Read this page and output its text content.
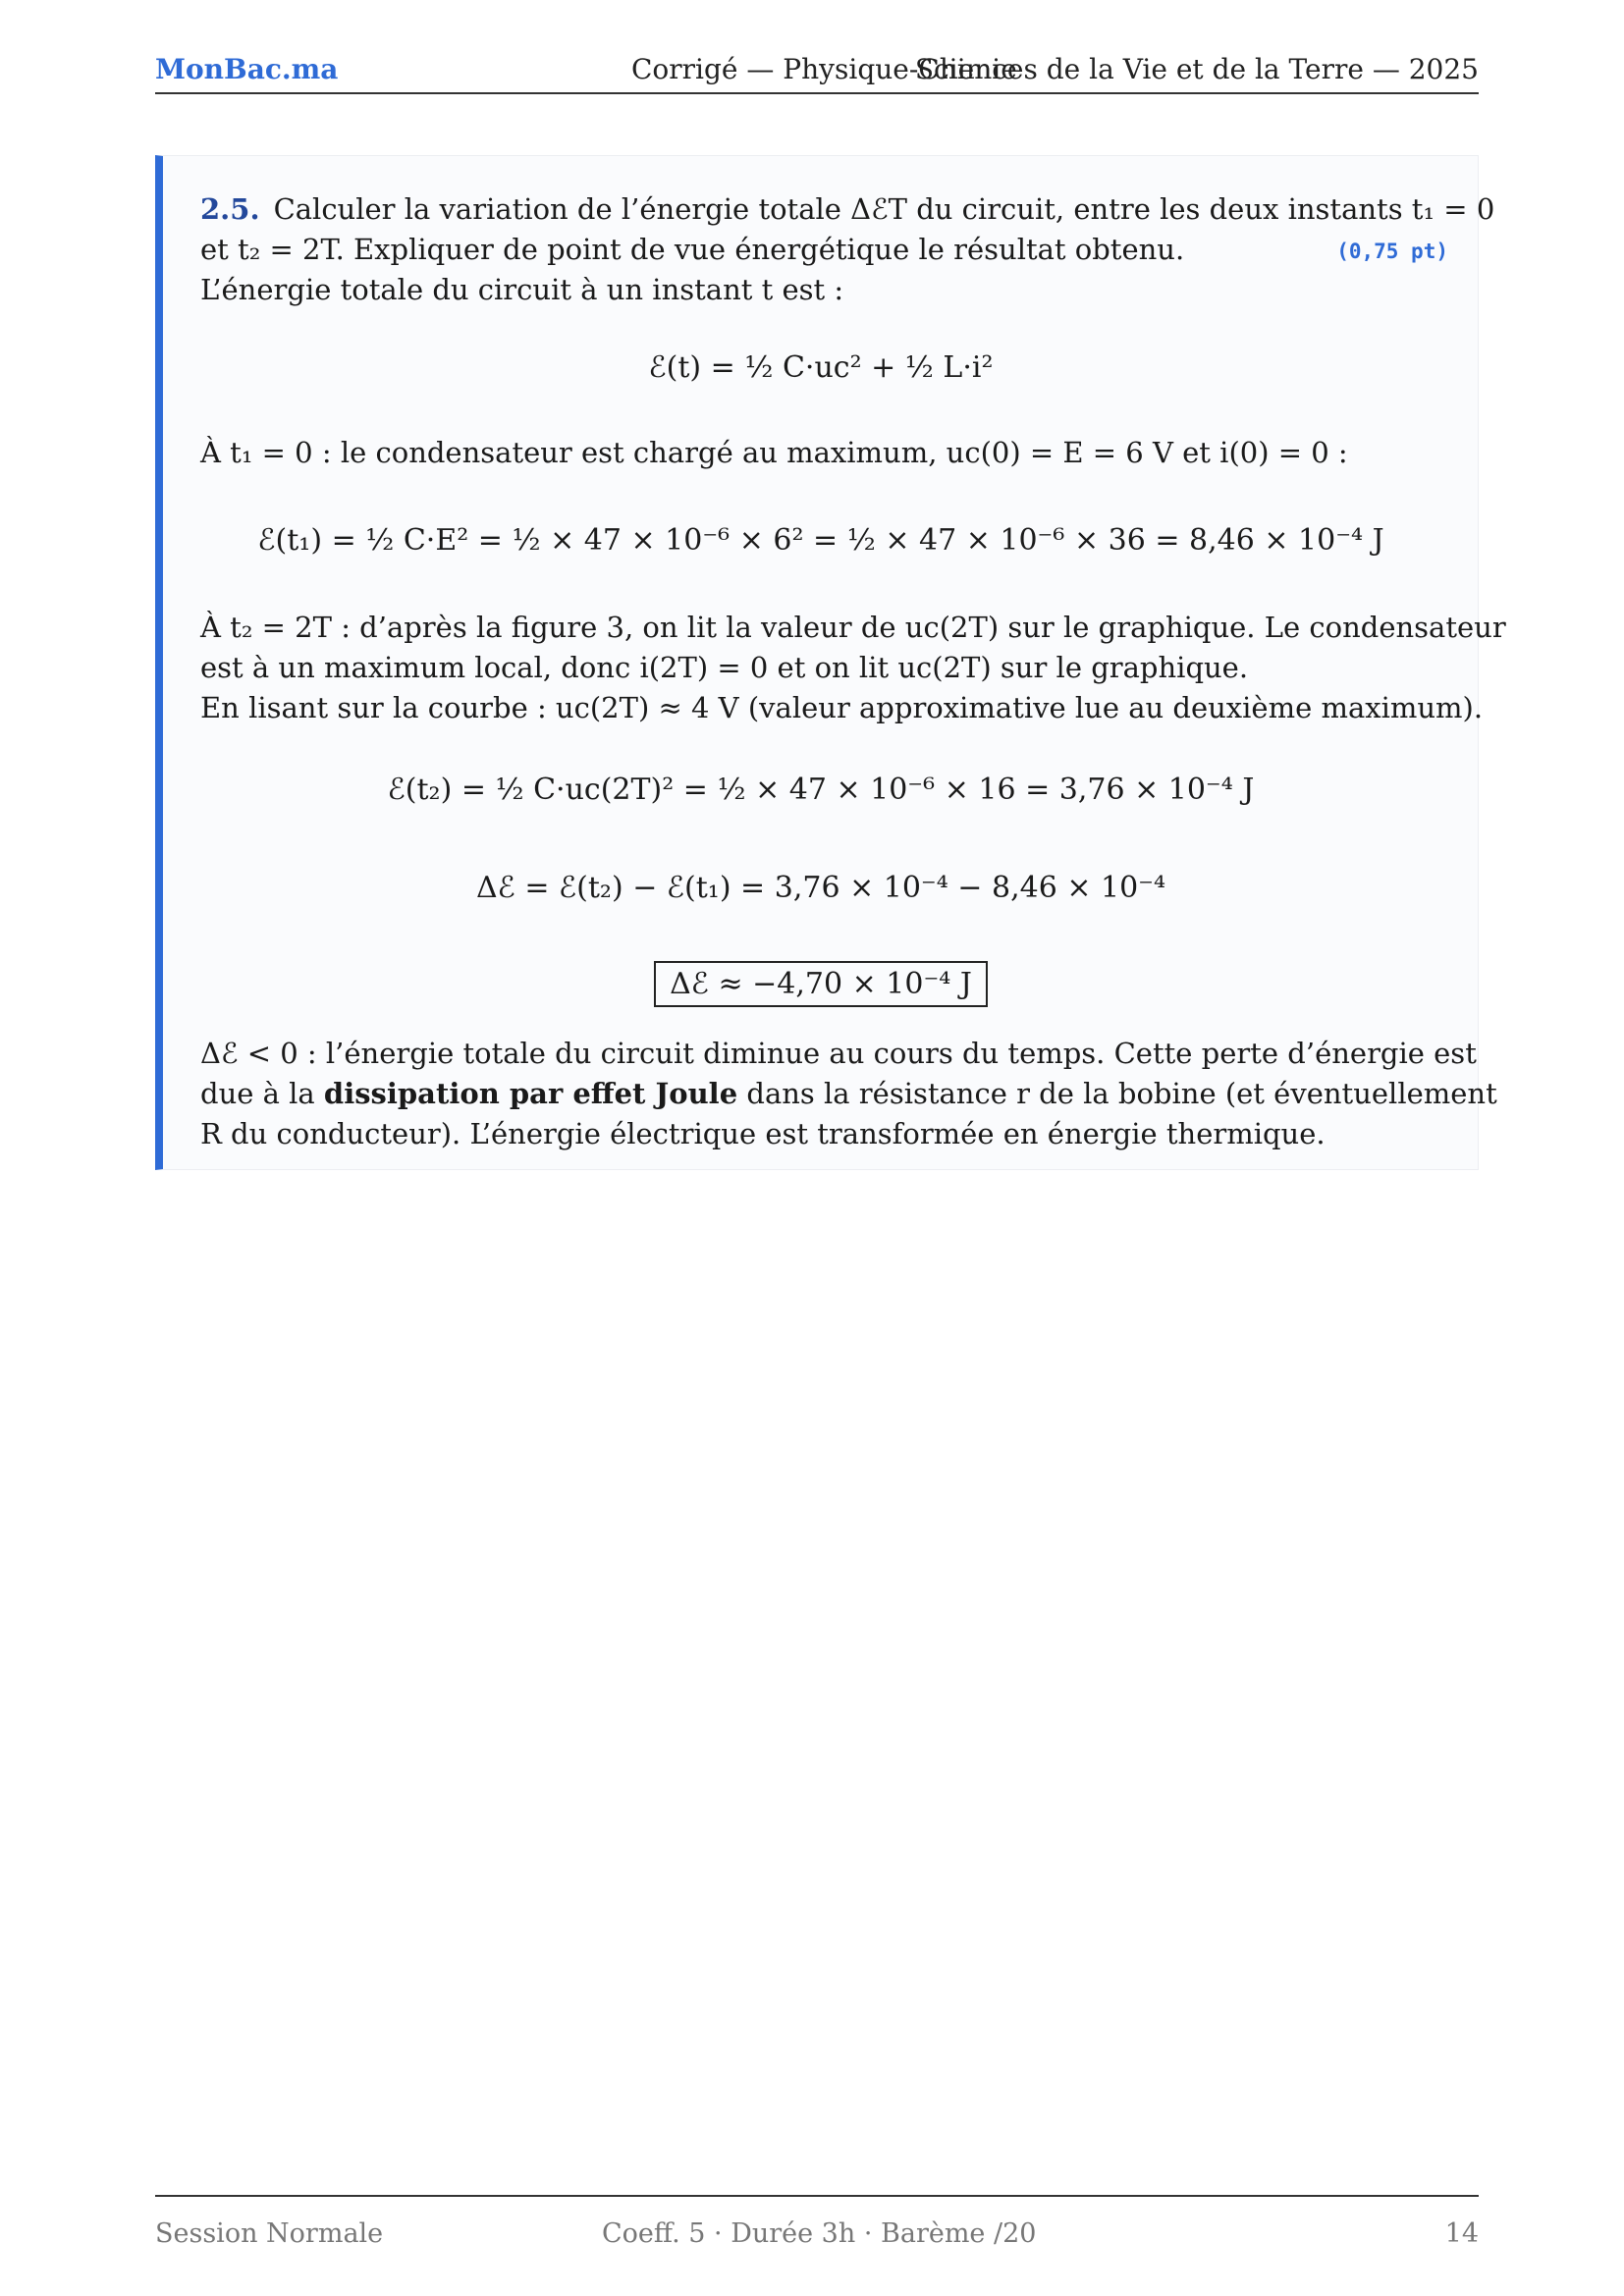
MonBac.ma	Corrigé — Physique-Chimie
Sciences de la Vie et de la Terre — 2025
2.5. Calculer la variation de l’énergie totale ΔℰT du circuit, entre les deux instants t₁ = 0
et t₂ = 2T. Expliquer de point de vue énergétique le résultat obtenu.	(0,75 pt)
L’énergie totale du circuit à un instant t est :
ℰ(t) = ½ C·uc² + ½ L·i²
À t₁ = 0 : le condensateur est chargé au maximum, uc(0) = E = 6 V et i(0) = 0 :
ℰ(t₁) = ½ C·E² = ½ × 47 × 10⁻⁶ × 6² = ½ × 47 × 10⁻⁶ × 36 = 8,46 × 10⁻⁴ J
À t₂ = 2T : d’après la figure 3, on lit la valeur de uc(2T) sur le graphique. Le condensateur
est à un maximum local, donc i(2T) = 0 et on lit uc(2T) sur le graphique.
En lisant sur la courbe : uc(2T) ≈ 4 V (valeur approximative lue au deuxième maximum).
ℰ(t₂) = ½ C·uc(2T)² = ½ × 47 × 10⁻⁶ × 16 = 3,76 × 10⁻⁴ J
Δℰ = ℰ(t₂) − ℰ(t₁) = 3,76 × 10⁻⁴ − 8,46 × 10⁻⁴
Δℰ ≈ −4,70 × 10⁻⁴ J
Δℰ < 0 : l’énergie totale du circuit diminue au cours du temps. Cette perte d’énergie est
due à la dissipation par effet Joule dans la résistance r de la bobine (et éventuellement
R du conducteur). L’énergie électrique est transformée en énergie thermique.
Session Normale	Coeff. 5 · Durée 3h · Barème /20	14
